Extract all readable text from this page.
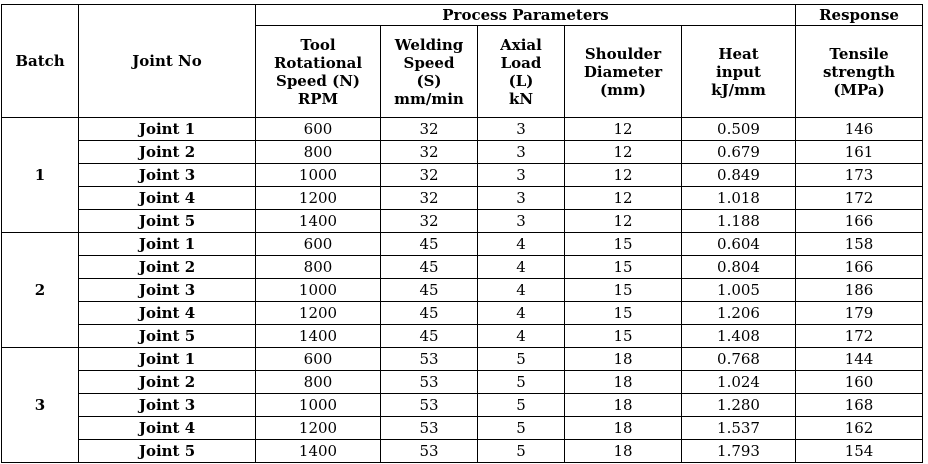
Batch	Joint No	Process Parameters					Response
		Tool
Rotational
Speed (N)
RPM	Welding
Speed
(S)
mm/min	Axial
Load
(L)
kN	Shoulder
Diameter
(mm)	Heat
input
kJ/mm	Tensile
strength
(MPa)
1	Joint 1	600	32	3	12	0.509	146
	Joint 2	800	32	3	12	0.679	161
	Joint 3	1000	32	3	12	0.849	173
	Joint 4	1200	32	3	12	1.018	172
	Joint 5	1400	32	3	12	1.188	166
2	Joint 1	600	45	4	15	0.604	158
	Joint 2	800	45	4	15	0.804	166
	Joint 3	1000	45	4	15	1.005	186
	Joint 4	1200	45	4	15	1.206	179
	Joint 5	1400	45	4	15	1.408	172
3	Joint 1	600	53	5	18	0.768	144
	Joint 2	800	53	5	18	1.024	160
	Joint 3	1000	53	5	18	1.280	168
	Joint 4	1200	53	5	18	1.537	162
	Joint 5	1400	53	5	18	1.793	154
